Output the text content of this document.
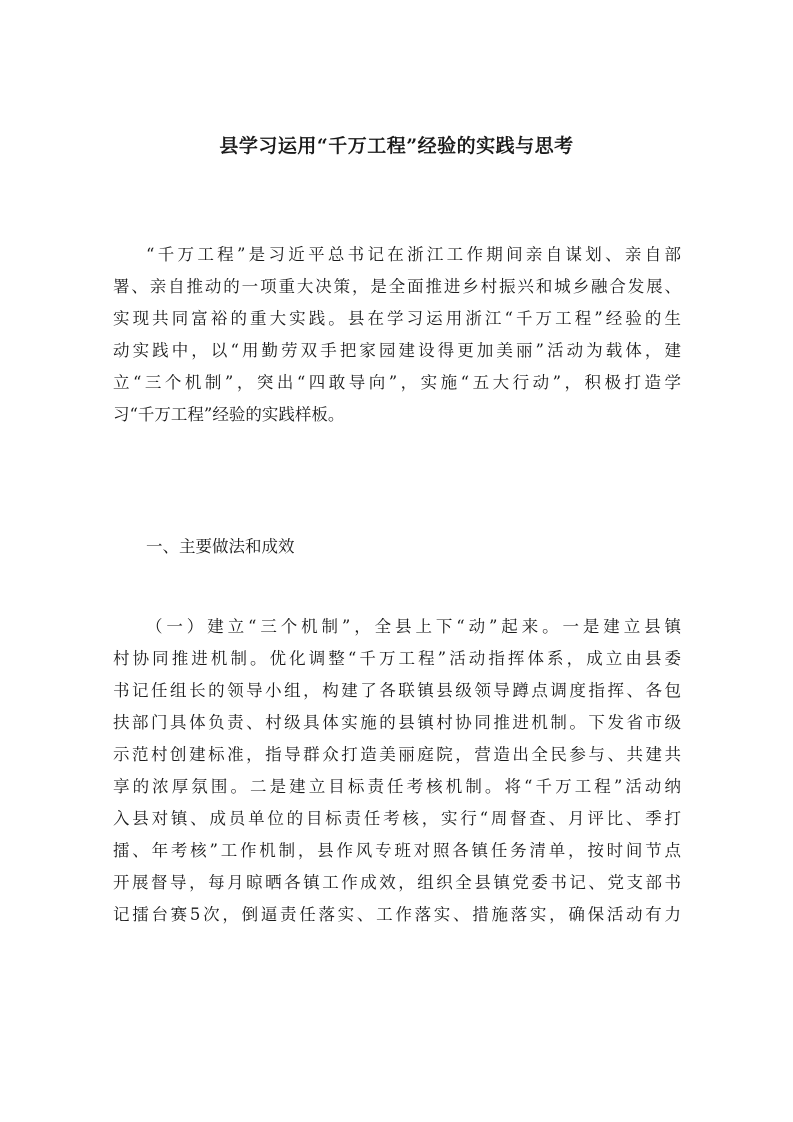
县学习运用“千万工程”经验的实践与思考
“千万工程”是习近平总书记在浙江工作期间亲自谋划、亲自部
署、亲自推动的一项重大决策，是全面推进乡村振兴和城乡融合发展、
实现共同富裕的重大实践。县在学习运用浙江“千万工程”经验的生
动实践中，以“用勤劳双手把家园建设得更加美丽”活动为载体，建
立“三个机制”，突出“四敢导向”，实施“五大行动”，积极打造学
习“千万工程”经验的实践样板。
一、主要做法和成效
（一）建立“三个机制”，全县上下“动”起来。一是建立县镇
村协同推进机制。优化调整“千万工程”活动指挥体系，成立由县委
书记任组长的领导小组，构建了各联镇县级领导蹲点调度指挥、各包
扶部门具体负责、村级具体实施的县镇村协同推进机制。下发省市级
示范村创建标准，指导群众打造美丽庭院，营造出全民参与、共建共
享的浓厚氛围。二是建立目标责任考核机制。将“千万工程”活动纳
入县对镇、成员单位的目标责任考核，实行“周督查、月评比、季打
擂、年考核”工作机制，县作风专班对照各镇任务清单，按时间节点
开展督导，每月晾晒各镇工作成效，组织全县镇党委书记、党支部书
记擂台赛5次，倒逼责任落实、工作落实、措施落实，确保活动有力
